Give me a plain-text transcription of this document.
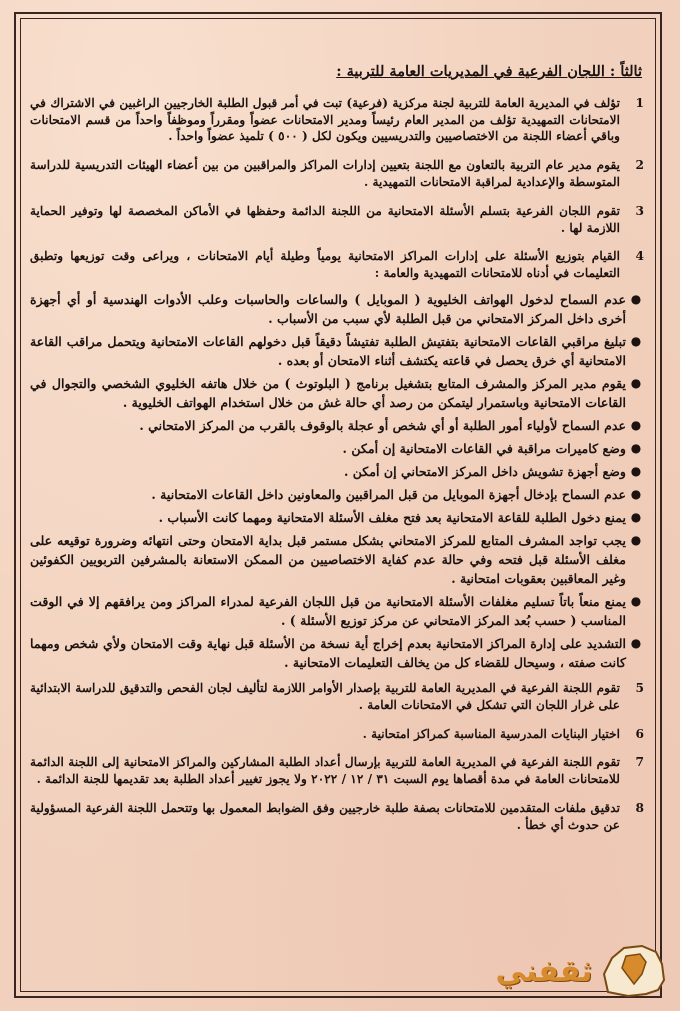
ثالثاً : اللجان الفرعية في المديريات العامة للتربية :
1
تؤلف في المديرية العامة للتربية لجنة مركزية (فرعية) تبت في أمر قبول الطلبة الخارجيين الراغبين في الاشتراك في الامتحانات التمهيدية تؤلف من المدير العام رئيساً ومدير الامتحانات عضواً ومقرراً وموظفاً واحداً من قسم الامتحانات وباقي أعضاء اللجنة من الاختصاصيين والتدريسيين ويكون لكل ( ٥٠٠ ) تلميذ عضواً واحداً .
2
يقوم مدير عام التربية بالتعاون مع اللجنة بتعيين إدارات المراكز والمراقبين من بين أعضاء الهيئات التدريسية للدراسة المتوسطة والإعدادية لمراقبة الامتحانات التمهيدية .
3
تقوم اللجان الفرعية بتسلم الأسئلة الامتحانية من اللجنة الدائمة وحفظها في الأماكن المخصصة لها وتوفير الحماية اللازمة لها .
4
القيام بتوزيع الأسئلة على إدارات المراكز الامتحانية يومياً وطيلة أيام الامتحانات ، ويراعى وقت توزيعها وتطبق التعليمات في أدناه للامتحانات التمهيدية والعامة :
●
عدم السماح لدخول الهواتف الخليوية ( الموبايل ) والساعات والحاسبات وعلب الأدوات الهندسية أو أي أجهزة أخرى داخل المركز الامتحاني من قبل الطلبة لأي سبب من الأسباب .
●
تبليغ مراقبي القاعات الامتحانية بتفتيش الطلبة تفتيشاً دقيقاً قبل دخولهم القاعات الامتحانية ويتحمل مراقب القاعة الامتحانية أي خرق يحصل في قاعته يكتشف أثناء الامتحان أو بعده .
●
يقوم مدير المركز والمشرف المتابع بتشغيل برنامج ( البلوتوث ) من خلال هاتفه الخليوي الشخصي والتجوال في القاعات الامتحانية وباستمرار ليتمكن من رصد أي حالة غش من خلال استخدام الهواتف الخليوية .
●
عدم السماح لأولياء أمور الطلبة أو أي شخص أو عجلة بالوقوف بالقرب من المركز الامتحاني .
●
وضع كاميرات مراقبة في القاعات الامتحانية إن أمكن .
●
وضع أجهزة تشويش داخل المركز الامتحاني إن أمكن .
●
عدم السماح بإدخال أجهزة الموبايل من قبل المراقبين والمعاونين داخل القاعات الامتحانية .
●
يمنع دخول الطلبة للقاعة الامتحانية بعد فتح مغلف الأسئلة الامتحانية ومهما كانت الأسباب .
●
يجب تواجد المشرف المتابع للمركز الامتحاني بشكل مستمر قبل بداية الامتحان وحتى انتهائه وضرورة توقيعه على مغلف الأسئلة قبل فتحه وفي حالة عدم كفاية الاختصاصيين من الممكن الاستعانة بالمشرفين التربويين الكفوئين وغير المعاقبين بعقوبات امتحانية .
●
يمنع منعاً باتاً تسليم مغلفات الأسئلة الامتحانية من قبل اللجان الفرعية لمدراء المراكز ومن يرافقهم إلا في الوقت المناسب ( حسب بُعد المركز الامتحاني عن مركز توزيع الأسئلة ) .
●
التشديد على إدارة المراكز الامتحانية بعدم إخراج أية نسخة من الأسئلة قبل نهاية وقت الامتحان ولأي شخص ومهما كانت صفته ، وسيحال للقضاء كل من يخالف التعليمات الامتحانية .
5
تقوم اللجنة الفرعية في المديرية العامة للتربية بإصدار الأوامر اللازمة لتأليف لجان الفحص والتدقيق للدراسة الابتدائية على غرار اللجان التي تشكل في الامتحانات العامة .
6
اختيار البنايات المدرسية المناسبة كمراكز امتحانية .
7
تقوم اللجنة الفرعية في المديرية العامة للتربية بإرسال أعداد الطلبة المشاركين والمراكز الامتحانية إلى اللجنة الدائمة للامتحانات العامة في مدة أقصاها يوم السبت ٣١ / ١٢ / ٢٠٢٢ ولا يجوز تغيير أعداد الطلبة بعد تقديمها للجنة الدائمة .
8
تدقيق ملفات المتقدمين للامتحانات بصفة طلبة خارجيين وفق الضوابط المعمول بها وتتحمل اللجنة الفرعية المسؤولية عن حدوث أي خطأ .
ثقفني
